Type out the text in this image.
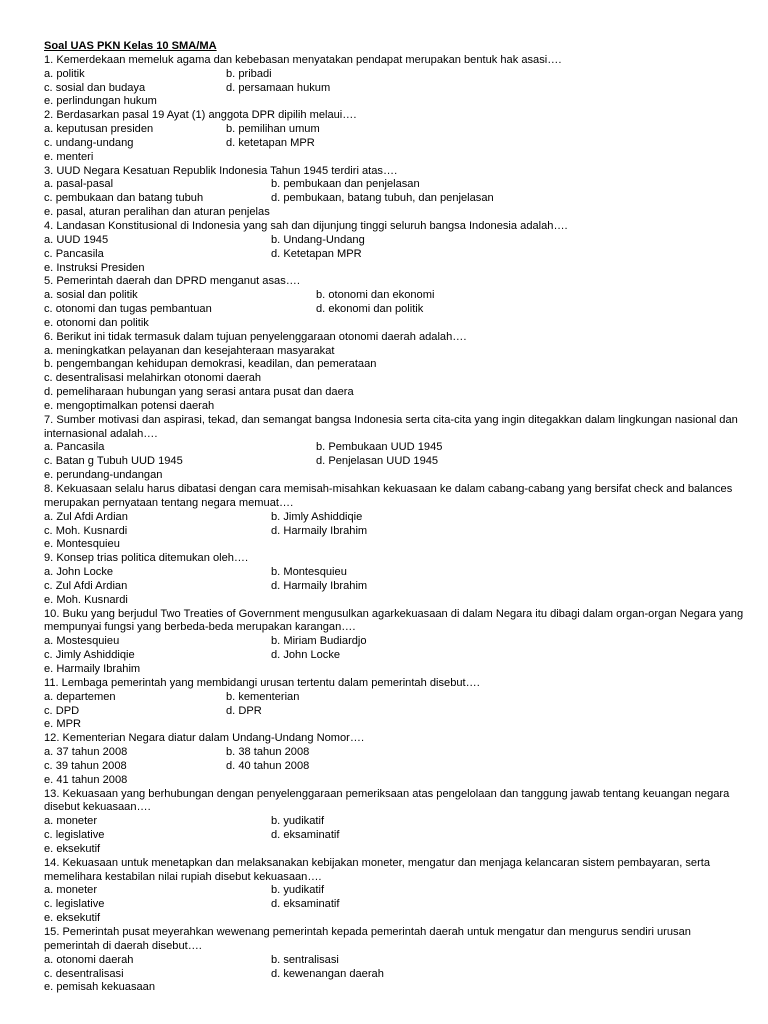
Soal UAS PKN Kelas 10 SMA/MA
1. Kemerdekaan memeluk agama dan kebebasan menyatakan pendapat merupakan bentuk hak asasi….
a. politik	b. pribadi
c. sosial dan budaya	d. persamaan hukum
e. perlindungan hukum
2. Berdasarkan pasal 19 Ayat (1) anggota DPR dipilih melaui….
a. keputusan presiden	b. pemilihan umum
c. undang-undang	d. ketetapan MPR
e. menteri
3. UUD Negara Kesatuan Republik Indonesia Tahun 1945 terdiri atas….
a. pasal-pasal	b. pembukaan dan penjelasan
c. pembukaan dan batang tubuh	d. pembukaan, batang tubuh, dan penjelasan
e. pasal, aturan peralihan dan aturan penjelas
4. Landasan Konstitusional di Indonesia yang sah dan dijunjung tinggi seluruh bangsa Indonesia adalah….
a. UUD 1945	b. Undang-Undang
c. Pancasila	d. Ketetapan MPR
e. Instruksi Presiden
5. Pemerintah daerah dan DPRD menganut asas….
a. sosial dan politik	b. otonomi dan ekonomi
c. otonomi dan tugas pembantuan	d. ekonomi dan politik
e. otonomi dan politik
6. Berikut ini tidak termasuk dalam tujuan penyelenggaraan otonomi daerah adalah….
a. meningkatkan pelayanan dan kesejahteraan masyarakat
b. pengembangan kehidupan demokrasi, keadilan, dan pemerataan
c. desentralisasi melahirkan otonomi daerah
d. pemeliharaan hubungan yang serasi antara pusat dan daera
e. mengoptimalkan potensi daerah
7. Sumber motivasi dan aspirasi, tekad, dan semangat bangsa Indonesia serta cita-cita yang ingin ditegakkan dalam lingkungan nasional dan internasional adalah….
a. Pancasila	b. Pembukaan UUD 1945
c. Batan g Tubuh UUD 1945	d. Penjelasan UUD 1945
e. perundang-undangan
8. Kekuasaan selalu harus dibatasi dengan cara memisah-misahkan kekuasaan ke dalam cabang-cabang yang bersifat check and balances merupakan pernyataan tentang negara memuat….
a. Zul Afdi Ardian	b. Jimly Ashiddiqie
c. Moh. Kusnardi	d. Harmaily Ibrahim
e. Montesquieu
9. Konsep trias politica ditemukan oleh….
a. John Locke	b. Montesquieu
c. Zul Afdi Ardian	d. Harmaily Ibrahim
e. Moh. Kusnardi
10. Buku yang berjudul Two Treaties of Government mengusulkan agarkekuasaan di dalam Negara itu dibagi dalam organ-organ Negara yang mempunyai fungsi yang berbeda-beda merupakan karangan….
a. Mostesquieu	b. Miriam Budiardjo
c. Jimly Ashiddiqie	d. John Locke
e. Harmaily Ibrahim
11. Lembaga pemerintah yang membidangi urusan tertentu dalam pemerintah disebut….
a. departemen	b. kementerian
c. DPD	d. DPR
e. MPR
12. Kementerian Negara diatur dalam Undang-Undang Nomor….
a. 37 tahun 2008	b. 38 tahun 2008
c. 39 tahun 2008	d. 40 tahun 2008
e. 41 tahun 2008
13. Kekuasaan yang berhubungan dengan penyelenggaraan pemeriksaan atas pengelolaan dan tanggung jawab tentang keuangan negara disebut kekuasaan….
a. moneter	b. yudikatif
c. legislative	d. eksaminatif
e. eksekutif
14. Kekuasaan untuk menetapkan dan melaksanakan kebijakan moneter, mengatur dan menjaga kelancaran sistem pembayaran, serta memelihara kestabilan nilai rupiah disebut kekuasaan….
a. moneter	b. yudikatif
c. legislative	d. eksaminatif
e. eksekutif
15. Pemerintah pusat meyerahkan wewenang pemerintah kepada pemerintah daerah untuk mengatur dan mengurus sendiri urusan pemerintah di daerah disebut….
a. otonomi daerah	b. sentralisasi
c. desentralisasi	d. kewenangan daerah
e. pemisah kekuasaan
